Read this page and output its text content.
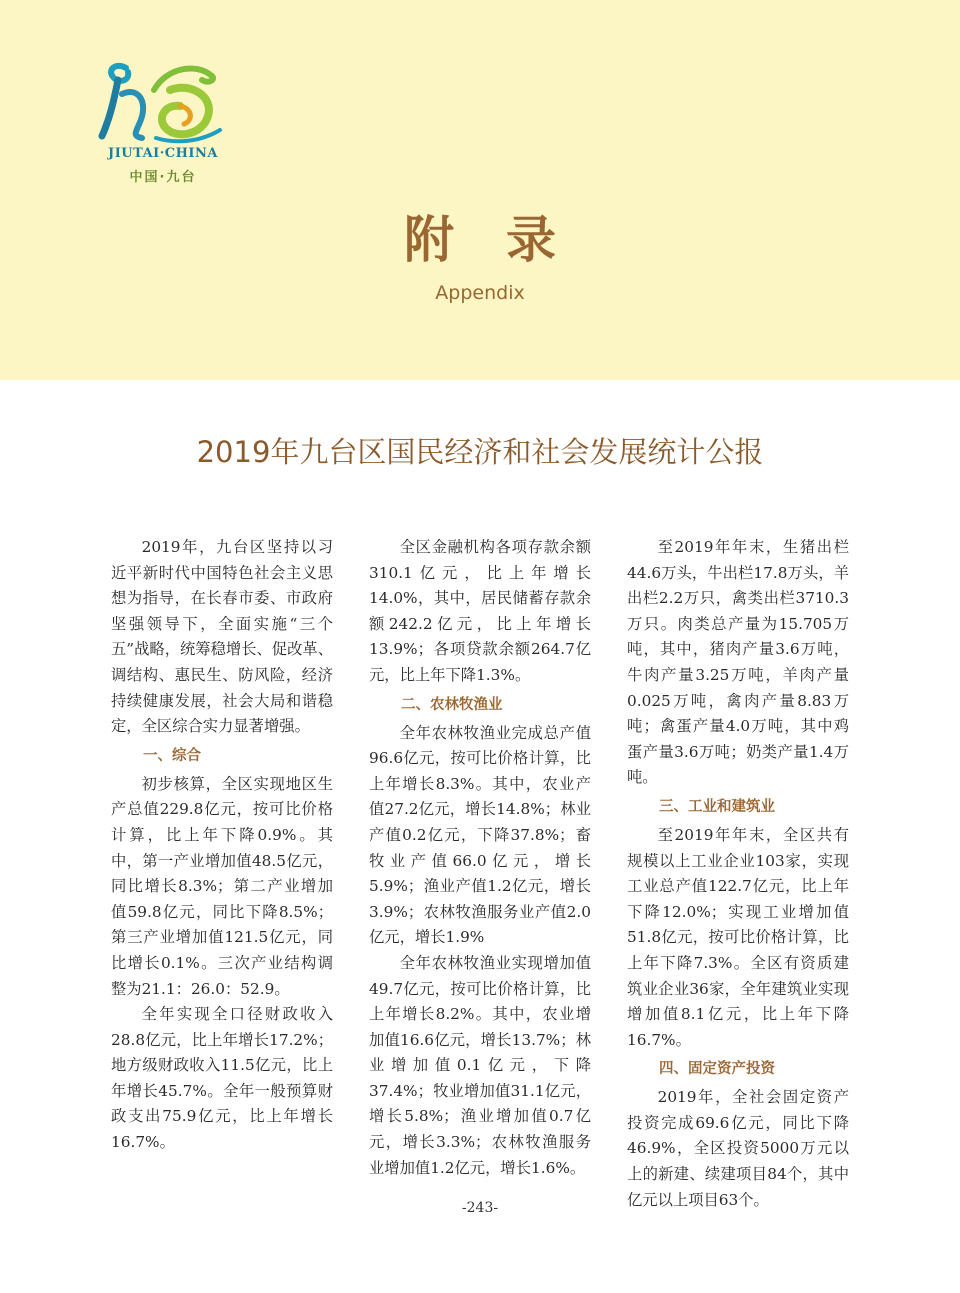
JIUTAI·CHINA
中国·九台
附录
Appendix
2019年九台区国民经济和社会发展统计公报

2019年，九台区坚持以习近平新时代中国特色社会主义思想为指导，在长春市委、市政府坚强领导下，全面实施“三个五”战略，统筹稳增长、促改革、调结构、惠民生、防风险，经济持续健康发展，社会大局和谐稳定，全区综合实力显著增强。

一、综合

初步核算，全区实现地区生产总值229.8亿元，按可比价格计算，比上年下降0.9%。其中，第一产业增加值48.5亿元，同比增长8.3%；第二产业增加值59.8亿元，同比下降8.5%；第三产业增加值121.5亿元，同比增长0.1%。三次产业结构调整为21.1：26.0：52.9。

全年实现全口径财政收入28.8亿元，比上年增长17.2%；地方级财政收入11.5亿元，比上年增长45.7%。全年一般预算财政支出75.9亿元，比上年增长16.7%。

全区金融机构各项存款余额310.1亿元，比上年增长14.0%，其中，居民储蓄存款余额242.2亿元，比上年增长13.9%；各项贷款余额264.7亿元，比上年下降1.3%。

二、农林牧渔业

全年农林牧渔业完成总产值96.6亿元，按可比价格计算，比上年增长8.3%。其中，农业产值27.2亿元，增长14.8%；林业产值0.2亿元，下降37.8%；畜牧业产值66.0亿元，增长5.9%；渔业产值1.2亿元，增长3.9%；农林牧渔服务业产值2.0亿元，增长1.9%

全年农林牧渔业实现增加值49.7亿元，按可比价格计算，比上年增长8.2%。其中，农业增加值16.6亿元，增长13.7%；林业增加值0.1亿元，下降37.4%；牧业增加值31.1亿元，增长5.8%；渔业增加值0.7亿元，增长3.3%；农林牧渔服务业增加值1.2亿元，增长1.6%。

至2019年年末，生猪出栏44.6万头，牛出栏17.8万头，羊出栏2.2万只，禽类出栏3710.3万只。肉类总产量为15.705万吨，其中，猪肉产量3.6万吨，牛肉产量3.25万吨，羊肉产量0.025万吨，禽肉产量8.83万吨；禽蛋产量4.0万吨，其中鸡蛋产量3.6万吨；奶类产量1.4万吨。

三、工业和建筑业

至2019年年末，全区共有规模以上工业企业103家，实现工业总产值122.7亿元，比上年下降12.0%；实现工业增加值51.8亿元，按可比价格计算，比上年下降7.3%。全区有资质建筑业企业36家，全年建筑业实现增加值8.1亿元，比上年下降16.7%。

四、固定资产投资

2019年，全社会固定资产投资完成69.6亿元，同比下降46.9%，全区投资5000万元以上的新建、续建项目84个，其中亿元以上项目63个。

-243-
